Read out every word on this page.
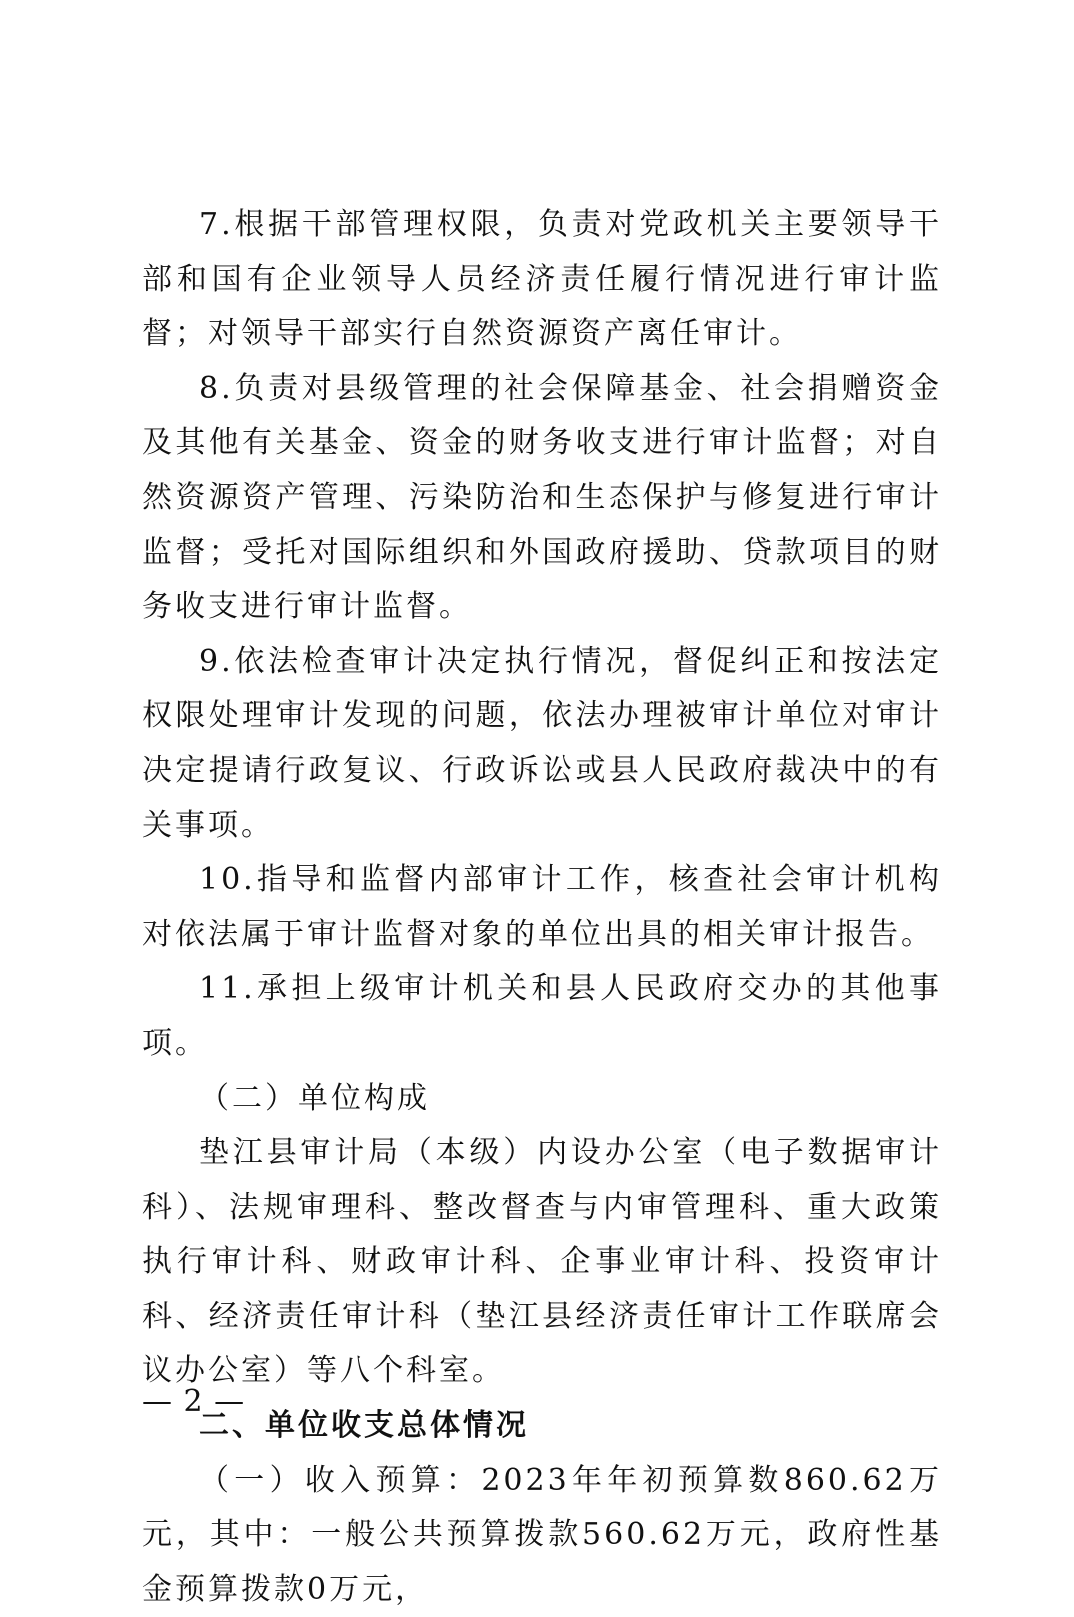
7.根据干部管理权限，负责对党政机关主要领导干部和国有企业领导人员经济责任履行情况进行审计监督；对领导干部实行自然资源资产离任审计。

8.负责对县级管理的社会保障基金、社会捐赠资金及其他有关基金、资金的财务收支进行审计监督；对自然资源资产管理、污染防治和生态保护与修复进行审计监督；受托对国际组织和外国政府援助、贷款项目的财务收支进行审计监督。

9.依法检查审计决定执行情况，督促纠正和按法定权限处理审计发现的问题，依法办理被审计单位对审计决定提请行政复议、行政诉讼或县人民政府裁决中的有关事项。

10.指导和监督内部审计工作，核查社会审计机构对依法属于审计监督对象的单位出具的相关审计报告。

11.承担上级审计机关和县人民政府交办的其他事项。

（二）单位构成

垫江县审计局（本级）内设办公室（电子数据审计科）、法规审理科、整改督查与内审管理科、重大政策执行审计科、财政审计科、企事业审计科、投资审计科、经济责任审计科（垫江县经济责任审计工作联席会议办公室）等八个科室。

二、单位收支总体情况

（一）收入预算：2023年年初预算数860.62万元，其中：一般公共预算拨款560.62万元，政府性基金预算拨款0万元，

— 2 —
